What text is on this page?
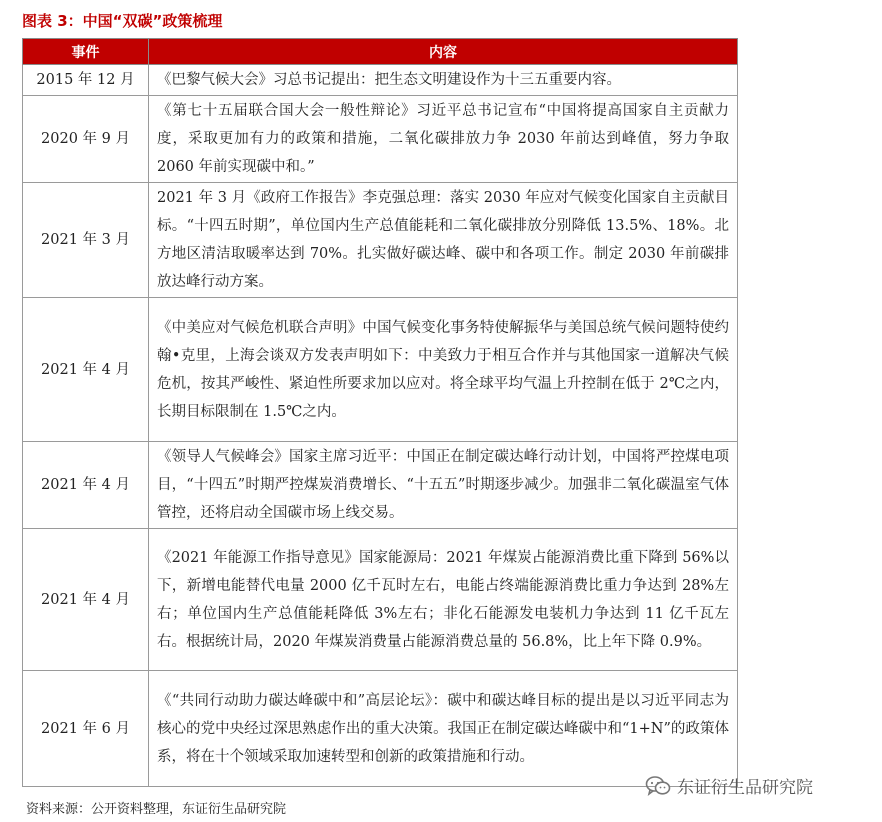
图表 3：中国“双碳”政策梳理
事件	内容
2015 年 12 月	《巴黎气候大会》习总书记提出：把生态文明建设作为十三五重要内容。
2020 年 9 月	《第七十五届联合国大会一般性辩论》习近平总书记宣布“中国将提高国家自主贡献力度，采取更加有力的政策和措施，二氧化碳排放力争 2030 年前达到峰值，努力争取 2060 年前实现碳中和。”
2021 年 3 月	2021 年 3 月《政府工作报告》李克强总理：落实 2030 年应对气候变化国家自主贡献目标。“十四五时期”，单位国内生产总值能耗和二氧化碳排放分别降低 13.5%、18%。北方地区清洁取暖率达到 70%。扎实做好碳达峰、碳中和各项工作。制定 2030 年前碳排放达峰行动方案。
2021 年 4 月	《中美应对气候危机联合声明》中国气候变化事务特使解振华与美国总统气候问题特使约翰•克里，上海会谈双方发表声明如下：中美致力于相互合作并与其他国家一道解决气候危机，按其严峻性、紧迫性所要求加以应对。将全球平均气温上升控制在低于 2℃之内，长期目标限制在 1.5℃之内。
2021 年 4 月	《领导人气候峰会》国家主席习近平：中国正在制定碳达峰行动计划，中国将严控煤电项目，“十四五”时期严控煤炭消费增长、“十五五”时期逐步减少。加强非二氧化碳温室气体管控，还将启动全国碳市场上线交易。
2021 年 4 月	《2021 年能源工作指导意见》国家能源局：2021 年煤炭占能源消费比重下降到 56%以下，新增电能替代电量 2000 亿千瓦时左右，电能占终端能源消费比重力争达到 28%左右；单位国内生产总值能耗降低 3%左右；非化石能源发电装机力争达到 11 亿千瓦左右。根据统计局，2020 年煤炭消费量占能源消费总量的 56.8%，比上年下降 0.9%。
2021 年 6 月	《“共同行动助力碳达峰碳中和”高层论坛》：碳中和碳达峰目标的提出是以习近平同志为核心的党中央经过深思熟虑作出的重大决策。我国正在制定碳达峰碳中和“1+N”的政策体系，将在十个领域采取加速转型和创新的政策措施和行动。
东证衍生品研究院
资料来源：公开资料整理，东证衍生品研究院
